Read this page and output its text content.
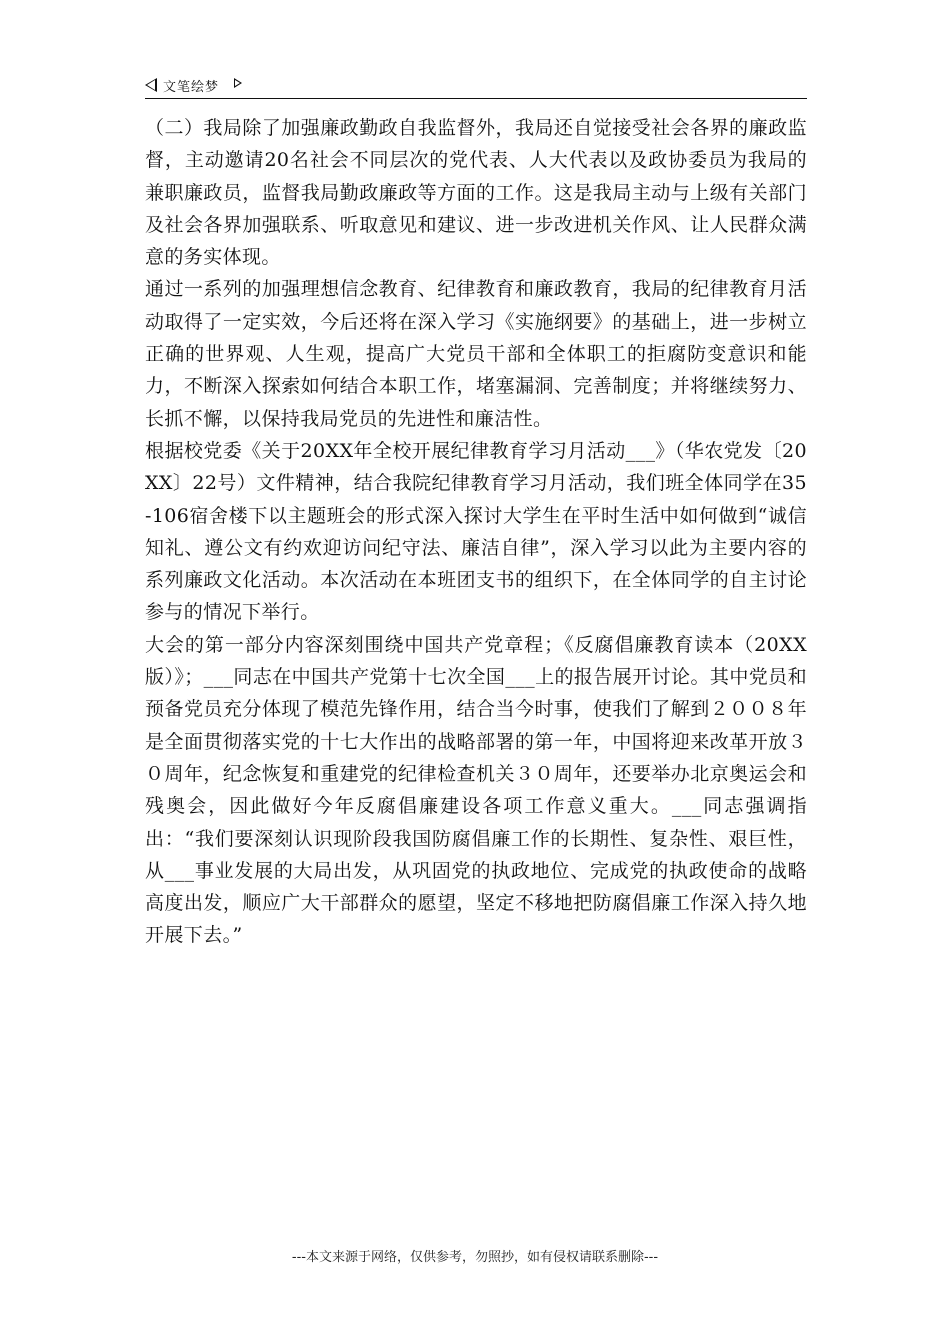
文笔绘梦

（二）我局除了加强廉政勤政自我监督外，我局还自觉接受社会各界的廉政监督，主动邀请20名社会不同层次的党代表、人大代表以及政协委员为我局的兼职廉政员，监督我局勤政廉政等方面的工作。这是我局主动与上级有关部门及社会各界加强联系、听取意见和建议、进一步改进机关作风、让人民群众满意的务实体现。

通过一系列的加强理想信念教育、纪律教育和廉政教育，我局的纪律教育月活动取得了一定实效，今后还将在深入学习《实施纲要》的基础上，进一步树立正确的世界观、人生观，提高广大党员干部和全体职工的拒腐防变意识和能力，不断深入探索如何结合本职工作，堵塞漏洞、完善制度；并将继续努力、长抓不懈，以保持我局党员的先进性和廉洁性。

根据校党委《关于20XX年全校开展纪律教育学习月活动___》（华农党发〔20XX〕22号）文件精神，结合我院纪律教育学习月活动，我们班全体同学在35-106宿舍楼下以主题班会的形式深入探讨大学生在平时生活中如何做到“诚信知礼、遵公文有约欢迎访问纪守法、廉洁自律”，深入学习以此为主要内容的系列廉政文化活动。本次活动在本班团支书的组织下，在全体同学的自主讨论参与的情况下举行。

大会的第一部分内容深刻围绕中国共产党章程；《反腐倡廉教育读本（20XX版）》；___同志在中国共产党第十七次全国___上的报告展开讨论。其中党员和预备党员充分体现了模范先锋作用，结合当今时事，使我们了解到２００８年是全面贯彻落实党的十七大作出的战略部署的第一年，中国将迎来改革开放３０周年，纪念恢复和重建党的纪律检查机关３０周年，还要举办北京奥运会和残奥会，因此做好今年反腐倡廉建设各项工作意义重大。___同志强调指出：“我们要深刻认识现阶段我国防腐倡廉工作的长期性、复杂性、艰巨性，从___事业发展的大局出发，从巩固党的执政地位、完成党的执政使命的战略高度出发，顺应广大干部群众的愿望，坚定不移地把防腐倡廉工作深入持久地开展下去。”

---本文来源于网络，仅供参考，勿照抄，如有侵权请联系删除---
